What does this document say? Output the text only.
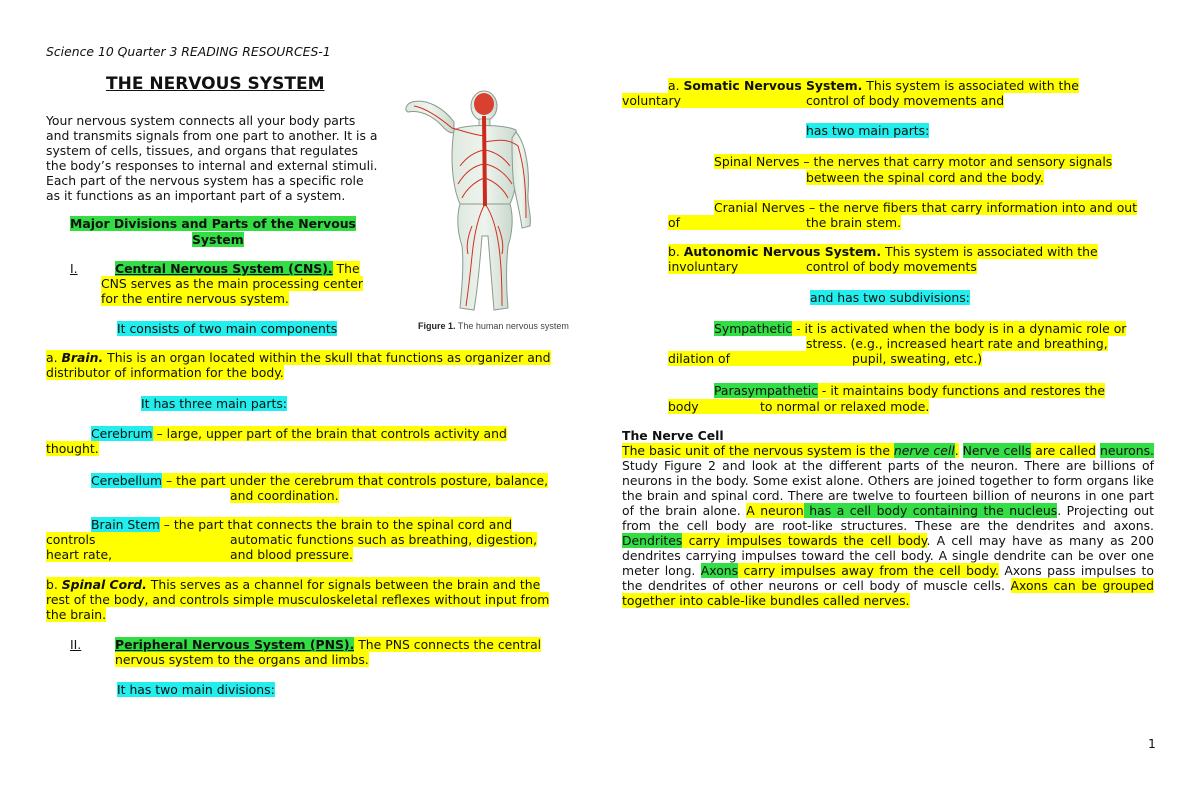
Science 10 Quarter 3 READING RESOURCES-1
THE NERVOUS SYSTEM
Your nervous system connects all your body parts
and transmits signals from one part to another. It is a
system of cells, tissues, and organs that regulates
the body’s responses to internal and external stimuli.
Each part of the nervous system has a specific role
as it functions as an important part of a system.
Figure 1. The human nervous system
Major Divisions and Parts of the Nervous
System
I.	Central Nervous System (CNS). The
CNS serves as the main processing center
for the entire nervous system.
It consists of two main components
a. Brain. This is an organ located within the skull that functions as organizer and
distributor of information for the body.
It has three main parts:
Cerebrum – large, upper part of the brain that controls activity and
thought.
Cerebellum – the part under the cerebrum that controls posture, balance,
and coordination.
Brain Stem – the part that connects the brain to the spinal cord and
controls	automatic functions such as breathing, digestion,
heart rate,	and blood pressure.
b. Spinal Cord. This serves as a channel for signals between the brain and the
rest of the body, and controls simple musculoskeletal reflexes without input from
the brain.
II.	Peripheral Nervous System (PNS). The PNS connects the central
nervous system to the organs and limbs.
It has two main divisions:
a. Somatic Nervous System. This system is associated with the
voluntary	control of body movements and
has two main parts:
Spinal Nerves – the nerves that carry motor and sensory signals
between the spinal cord and the body.
Cranial Nerves – the nerve fibers that carry information into and out
of	the brain stem.
b. Autonomic Nervous System. This system is associated with the
involuntary	control of body movements
and has two subdivisions:
Sympathetic - it is activated when the body is in a dynamic role or
stress. (e.g., increased heart rate and breathing,
dilation of	pupil, sweating, etc.)
Parasympathetic - it maintains body functions and restores the
body	to normal or relaxed mode.
The Nerve Cell
The basic unit of the nervous system is the nerve cell. Nerve cells are called neurons. Study Figure 2 and look at the different parts of the neuron. There are billions of neurons in the body. Some exist alone. Others are joined together to form organs like the brain and spinal cord. There are twelve to fourteen billion of neurons in one part of the brain alone. A neuron has a cell body containing the nucleus. Projecting out from the cell body are root-like structures. These are the dendrites and axons. Dendrites carry impulses towards the cell body. A cell may have as many as 200 dendrites carrying impulses toward the cell body. A single dendrite can be over one meter long. Axons carry impulses away from the cell body. Axons pass impulses to the dendrites of other neurons or cell body of muscle cells. Axons can be grouped together into cable-like bundles called nerves.
1
